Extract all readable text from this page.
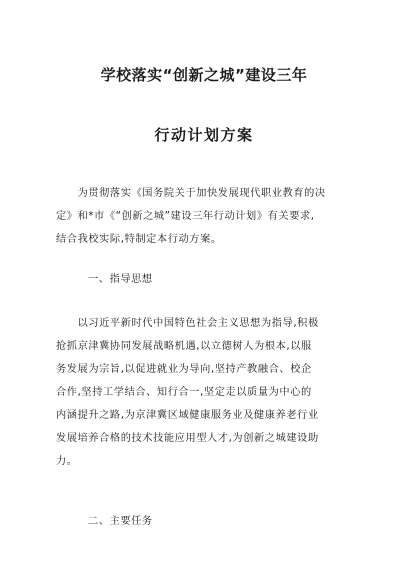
学校落实“创新之城”建设三年
行动计划方案
　　为贯彻落实《国务院关于加快发展现代职业教育的决
定》和*市《“创新之城”建设三年行动计划》有关要求,
结合我校实际,特制定本行动方案。
一、指导思想
　　以习近平新时代中国特色社会主义思想为指导,积极
抢抓京津冀协同发展战略机遇,以立德树人为根本,以服
务发展为宗旨,以促进就业为导向,坚持产教融合、校企
合作,坚持工学结合、知行合一,坚定走以质量为中心的
内涵提升之路,为京津冀区域健康服务业及健康养老行业
发展培养合格的技术技能应用型人才,为创新之城建设助
力。
二、主要任务
